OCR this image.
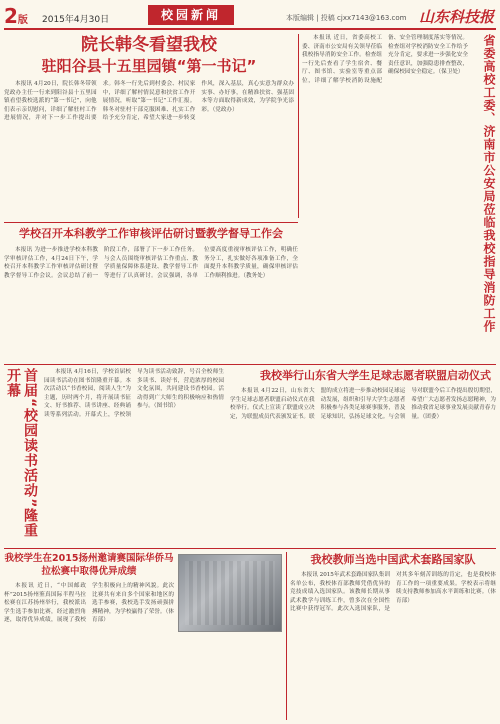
2版 2015年4月30日	校园新闻	本版编辑 | 投稿 cjxx7143@163.com 山东科技报
院长韩冬看望我校
驻阳谷县十五里园镇“第一书记”
本报讯 4月20日，院长韩冬带领党政办主任一行来到阳谷县十五里园镇看望我校选派的“第一书记”，向他们表示亲切慰问，详细了解驻村工作进展情况，并对下一步工作提出要求。韩冬一行先后到村委会、村民家中，详细了解村情民意和扶贫工作开展情况，听取“第一书记”工作汇报。韩冬对驻村干部克服困难、扎实工作给予充分肯定，希望大家进一步转变作风，深入基层，真心实意为群众办实事、办好事，在精准扶贫、强基固本等方面取得新成效，为学院争光添彩。（党政办）
本报讯 近日，省委高校工委、济南市公安局有关领导莅临我校指导消防安全工作。检查组一行先后查看了学生宿舍、餐厅、图书馆、实验室等重点部位，详细了解学校消防设施配备、安全管理制度落实等情况。检查组对学校消防安全工作给予充分肯定，要求进一步强化安全责任意识，加强隐患排查整改，确保校园安全稳定。（保卫处）	省委高校工委、济南市公安局莅临我校指导消防工作
学校召开本科教学工作审核评估研讨暨教学督导工作会
本报讯 为进一步推进学校本科教学审核评估工作，4月24日下午，学校召开本科教学工作审核评估研讨暨教学督导工作会议。会议总结了前一阶段工作，部署了下一步工作任务。与会人员围绕审核评估工作重点、教学质量保障体系建设、教学督导工作等进行了认真研讨。会议强调，各单位要高度重视审核评估工作，明确任务分工，扎实做好各项准备工作，全面提升本科教学质量，确保审核评估工作顺利推进。（教务处）
首届“校园读书活动”隆重开幕	本报讯 4月16日，学校首届校园读书活动在图书馆隆重开幕。本次活动以“书香校园，阅读人生”为主题，历时两个月，将开展读书征文、好书推荐、读书讲座、经典诵读等系列活动。开幕式上，学校领导为读书活动致辞，号召全校师生多读书、读好书，营造浓厚的校园文化氛围，共同建设书香校园。活动得到广大师生的积极响应和热情参与。（图书馆）
我校举行山东省大学生足球志愿者联盟启动仪式
本报讯 4月22日，山东省大学生足球志愿者联盟启动仪式在我校举行。仪式上宣读了联盟成立决定，为联盟成员代表颁发证书。联盟的成立将进一步推动校园足球运动发展，组织和引导大学生志愿者积极参与各类足球赛事服务，普及足球知识，弘扬足球文化。与会领导对联盟今后工作提出殷切期望，希望广大志愿者发扬志愿精神，为推动我省足球事业发展贡献青春力量。（团委）
我校学生在2015扬州邀请赛国际华侨马拉松赛中取得优异成绩
本报讯 近日，“中国邮政杯”2015扬州鉴真国际半程马拉松赛在江苏扬州举行，我校派出学生选手参加比赛，经过激烈角逐，取得优异成绩，展现了我校学生积极向上的精神风貌。此次比赛共有来自多个国家和地区的选手参赛，我校选手发扬顽强拼搏精神，为学校赢得了荣誉。（体育部）
我校教师当选中国武术套路国家队
本报讯 2015年武术套路国家队集训名单公布，我校体育部教师凭借优异的竞技成绩入选国家队。该教师长期从事武术教学与训练工作，曾多次在全国性比赛中获得冠军。此次入选国家队，是对其多年刻苦训练的肯定，也是我校体育工作的一项重要成果。学校表示将继续支持教师参加高水平训练和比赛。（体育部）
